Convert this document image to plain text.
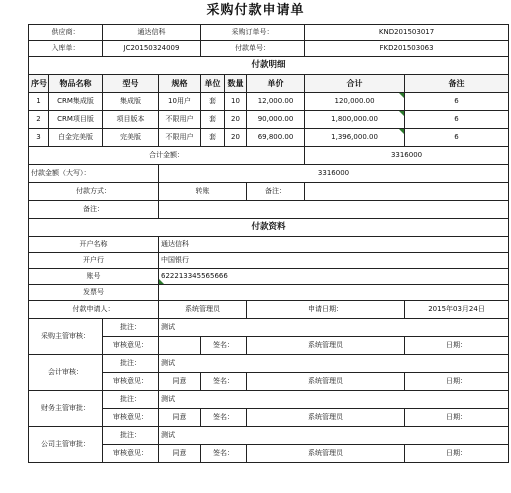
采购付款申请单
供应商：		通达信科		采购订单号：			KND201503017		
入库单：		JC20150324009		付款单号：			FKD201503063		
付款明细									
序号	物品名称	型号	规格	单位	数量	单价	合计	备注	
1	CRM集成版	集成版	10用户	套	10	12,000.00	120,000.00	6	
2	CRM项目版	项目版本	不限用户	套	20	90,000.00	1,800,000.00	6	
3	白金完美版	完美版	不限用户	套	20	69,800.00	1,396,000.00	6	
合计金额：							3316000		
付款金额（大写）：			3316000						
付款方式：			转账			备注：			
备注：									
付款资料									
开户名称			通达信科						
开户行			中国银行						
账号			622213345565666						
发票号									
付款申请人：			系统管理员			申请日期：		2015年03月24日	
采购主管审核：		批注：	测试						
		审核意见：		签名：		系统管理员		日期：	
会计审核：		批注：	测试						
		审核意见：	同意	签名：		系统管理员		日期：	
财务主管审批：		批注：	测试						
		审核意见：	同意	签名：		系统管理员		日期：	
公司主管审批：		批注：	测试						
		审核意见：	同意	签名：		系统管理员		日期：	
